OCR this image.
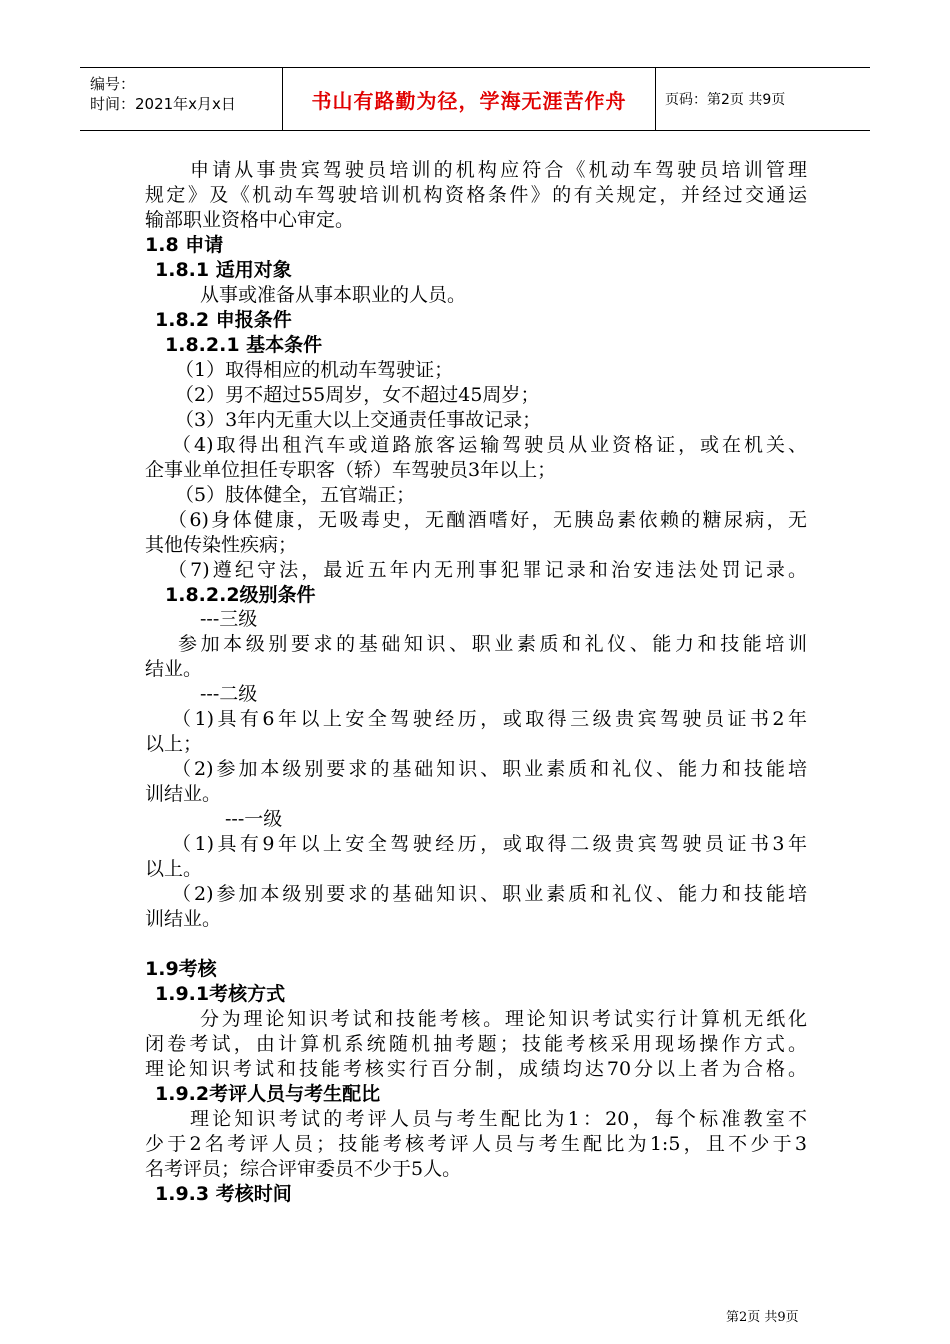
编号：
时间：2021年x月x日	书山有路勤为径，学海无涯苦作舟	页码：第2页 共9页
申请从事贵宾驾驶员培训的机构应符合《机动车驾驶员培训管理
规定》及《机动车驾驶培训机构资格条件》的有关规定，并经过交通运
输部职业资格中心审定。
1.8 申请
1.8.1 适用对象
从事或准备从事本职业的人员。
1.8.2 申报条件
1.8.2.1 基本条件
（1）取得相应的机动车驾驶证；
（2）男不超过55周岁，女不超过45周岁；
（3）3年内无重大以上交通责任事故记录；
（4)取得出租汽车或道路旅客运输驾驶员从业资格证，或在机关、
企事业单位担任专职客（轿）车驾驶员3年以上；
（5）肢体健全，五官端正；
（6)身体健康，无吸毒史，无酗酒嗜好，无胰岛素依赖的糖尿病，无
其他传染性疾病；
（7)遵纪守法，最近五年内无刑事犯罪记录和治安违法处罚记录。
1.8.2.2级别条件
---三级
参加本级别要求的基础知识、职业素质和礼仪、能力和技能培训
结业。
---二级
（1)具有6年以上安全驾驶经历，或取得三级贵宾驾驶员证书2年
以上；
（2)参加本级别要求的基础知识、职业素质和礼仪、能力和技能培
训结业。
---一级
（1)具有9年以上安全驾驶经历，或取得二级贵宾驾驶员证书3年
以上。
（2)参加本级别要求的基础知识、职业素质和礼仪、能力和技能培
训结业。
1.9考核
1.9.1考核方式
分为理论知识考试和技能考核。理论知识考试实行计算机无纸化
闭卷考试，由计算机系统随机抽考题；技能考核采用现场操作方式。
理论知识考试和技能考核实行百分制，成绩均达70分以上者为合格。
1.9.2考评人员与考生配比
理论知识考试的考评人员与考生配比为1：20，每个标准教室不
少于2名考评人员；技能考核考评人员与考生配比为1:5，且不少于3
名考评员；综合评审委员不少于5人。
1.9.3 考核时间
第2页 共9页
